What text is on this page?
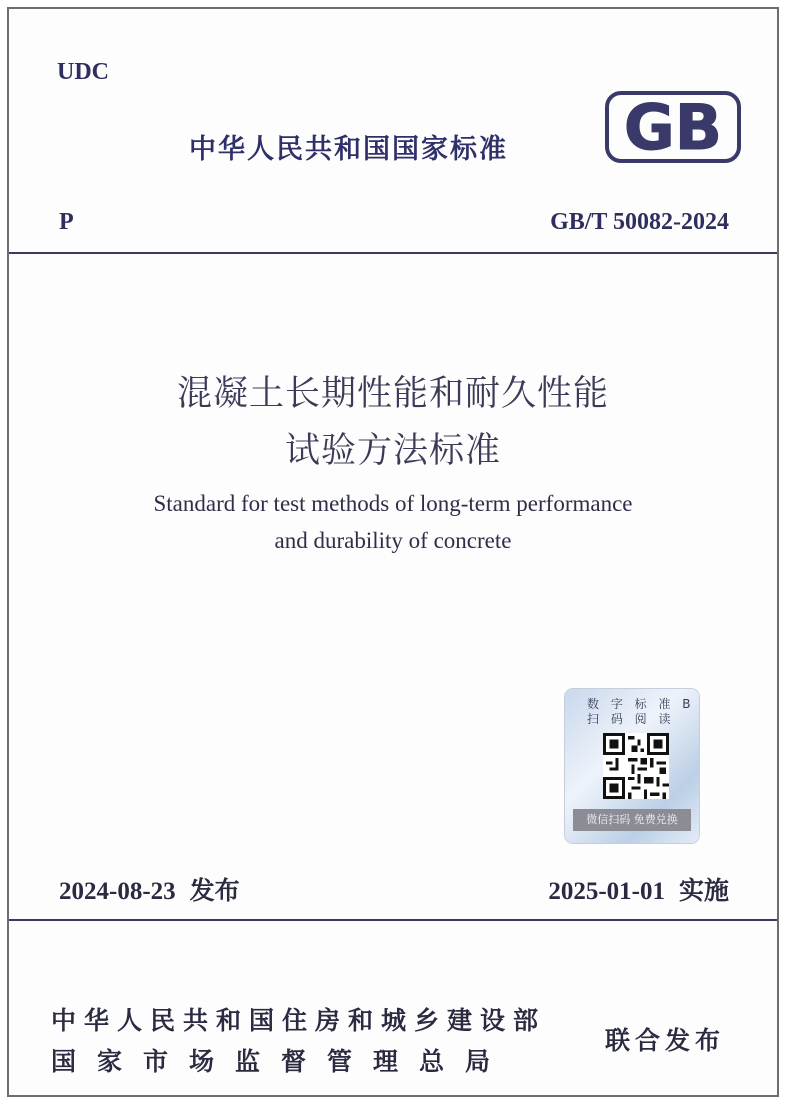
UDC
中华人民共和国国家标准 GB
P	GB/T 50082-2024
混凝土长期性能和耐久性能
试验方法标准
Standard for test methods of long-term performance
and durability of concrete
数 字 标 准 B
扫 码 阅 读
微信扫码 免费兑换
2024-08-23 发布	2025-01-01 实施
中华人民共和国住房和城乡建设部
国家市场监督管理总局
联合发布
